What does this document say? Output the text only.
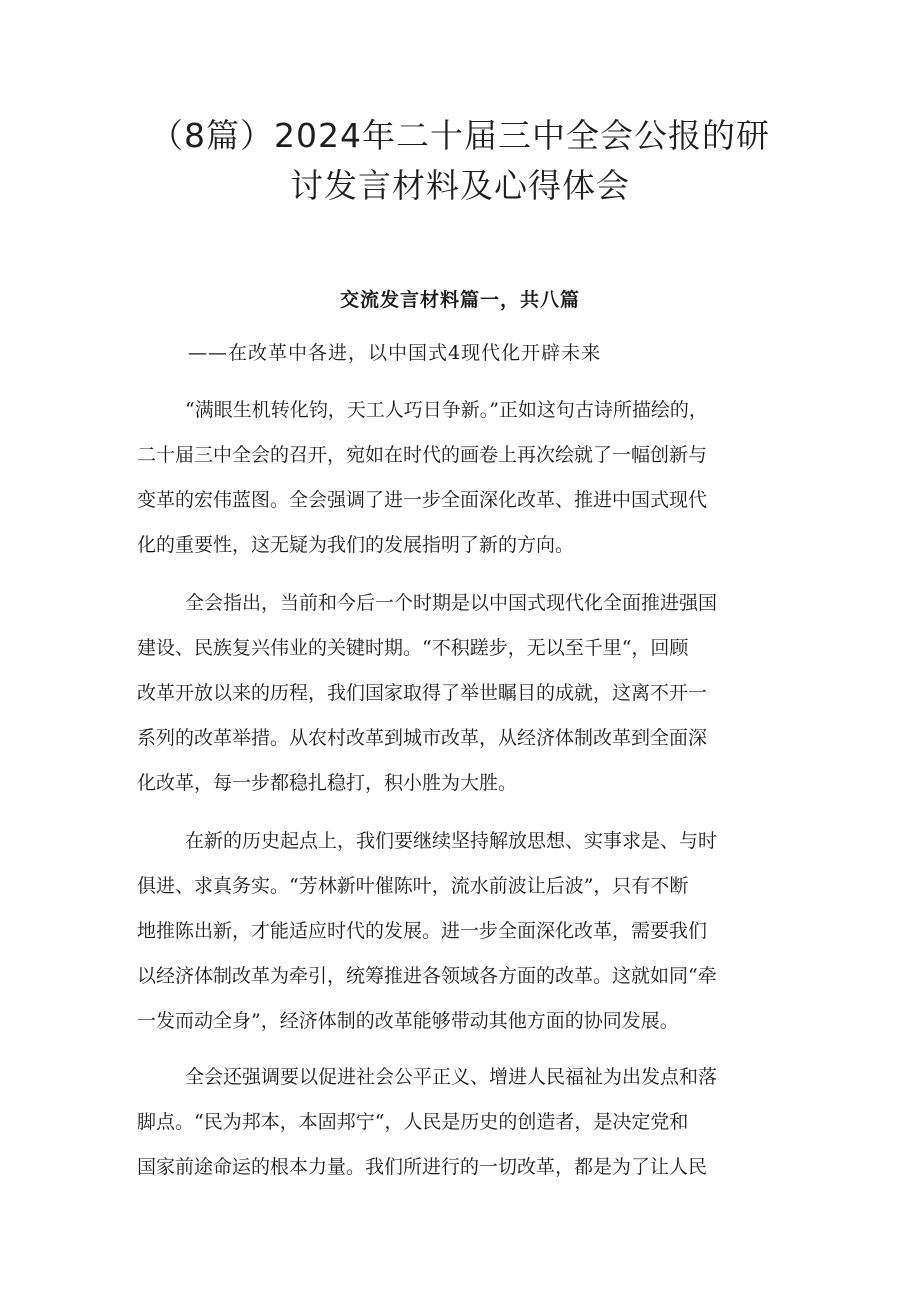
（8篇）2024年二十届三中全会公报的研
讨发言材料及心得体会
交流发言材料篇一，共八篇
——在改革中各进，以中国式4现代化开辟未来
“满眼生机转化钧，天工人巧日争新。”正如这句古诗所描绘的，
二十届三中全会的召开，宛如在时代的画卷上再次绘就了一幅创新与
变革的宏伟蓝图。全会强调了进一步全面深化改革、推进中国式现代
化的重要性，这无疑为我们的发展指明了新的方向。
全会指出，当前和今后一个时期是以中国式现代化全面推进强国
建设、民族复兴伟业的关键时期。“不积蹉步，无以至千里“，回顾
改革开放以来的历程，我们国家取得了举世瞩目的成就，这离不开一
系列的改革举措。从农村改革到城市改革，从经济体制改革到全面深
化改革，每一步都稳扎稳打，积小胜为大胜。
在新的历史起点上，我们要继续坚持解放思想、实事求是、与时
俱进、求真务实。“芳林新叶催陈叶，流水前波让后波”，只有不断
地推陈出新，才能适应时代的发展。进一步全面深化改革，需要我们
以经济体制改革为牵引，统筹推进各领域各方面的改革。这就如同“牵
一发而动全身”，经济体制的改革能够带动其他方面的协同发展。
全会还强调要以促进社会公平正义、增进人民福祉为出发点和落
脚点。“民为邦本，本固邦宁“，人民是历史的创造者，是决定党和
国家前途命运的根本力量。我们所进行的一切改革，都是为了让人民
